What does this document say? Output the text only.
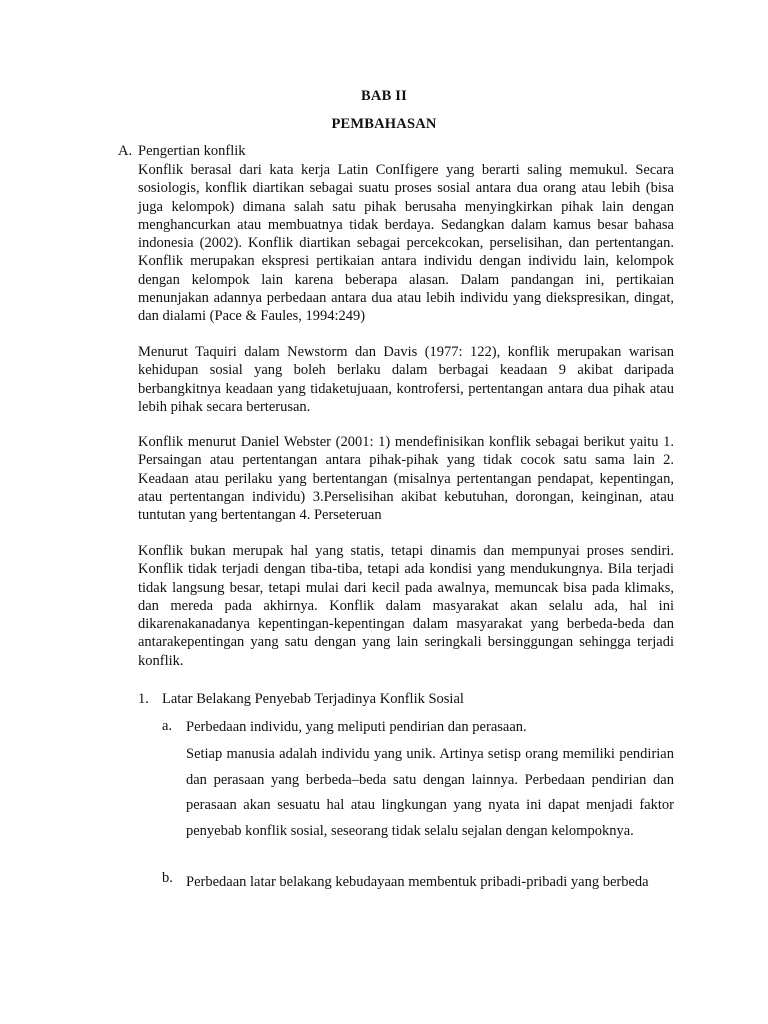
BAB II
PEMBAHASAN
A. Pengertian konflik

Konflik berasal dari kata kerja Latin ConIfigere yang berarti saling memukul. Secara sosiologis, konflik diartikan sebagai suatu proses sosial antara dua orang atau lebih (bisa juga kelompok) dimana salah satu pihak berusaha menyingkirkan pihak lain dengan menghancurkan atau membuatnya tidak berdaya. Sedangkan dalam kamus besar bahasa indonesia (2002). Konflik diartikan sebagai percekcokan, perselisihan, dan pertentangan. Konflik merupakan ekspresi pertikaian antara individu dengan individu lain, kelompok dengan kelompok lain karena beberapa alasan. Dalam pandangan ini, pertikaian menunjakan adannya perbedaan antara dua atau lebih individu yang diekspresikan, dingat, dan dialami (Pace & Faules, 1994:249)

Menurut Taquiri dalam Newstorm dan Davis (1977: 122), konflik merupakan warisan kehidupan sosial yang boleh berlaku dalam berbagai keadaan 9 akibat daripada berbangkitnya keadaan yang tidaketujuaan, kontrofersi, pertentangan antara dua pihak atau lebih pihak secara berterusan.

Konflik menurut Daniel Webster (2001: 1) mendefinisikan konflik sebagai berikut yaitu 1. Persaingan atau pertentangan antara pihak-pihak yang tidak cocok satu sama lain 2. Keadaan atau perilaku yang bertentangan (misalnya pertentangan pendapat, kepentingan, atau pertentangan individu) 3.Perselisihan akibat kebutuhan, dorongan, keinginan, atau tuntutan yang bertentangan 4. Perseteruan

Konflik bukan merupak hal yang statis, tetapi dinamis dan mempunyai proses sendiri. Konflik tidak terjadi dengan tiba-tiba, tetapi ada kondisi yang mendukungnya. Bila terjadi tidak langsung besar, tetapi mulai dari kecil pada awalnya, memuncak bisa pada klimaks, dan mereda pada akhirnya. Konflik dalam masyarakat akan selalu ada, hal ini dikarenakanadanya kepentingan-kepentingan dalam masyarakat yang berbeda-beda dan antarakepentingan yang satu dengan yang lain seringkali bersinggungan sehingga terjadi konflik.

1. Latar Belakang Penyebab Terjadinya Konflik Sosial
a. Perbedaan individu, yang meliputi pendirian dan perasaan.

Setiap manusia adalah individu yang unik. Artinya setisp orang memiliki pendirian dan perasaan yang berbeda–beda satu dengan lainnya. Perbedaan pendirian dan perasaan akan sesuatu hal atau lingkungan yang nyata ini dapat menjadi faktor penyebab konflik sosial, seseorang tidak selalu sejalan dengan kelompoknya.

b. Perbedaan latar belakang kebudayaan membentuk pribadi-pribadi yang berbeda
